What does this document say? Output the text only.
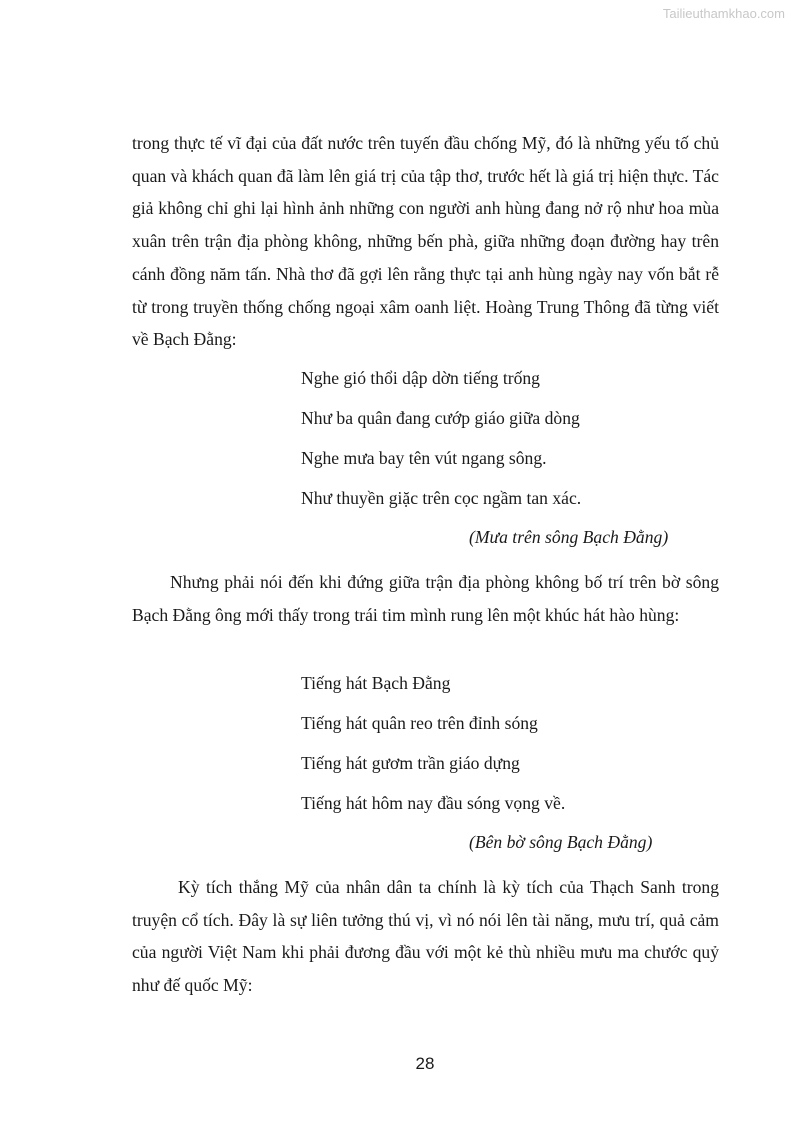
Tailieuthamkhao.com

trong thực tế vĩ đại của đất nước trên tuyến đầu chống Mỹ, đó là những yếu tố chủ quan và khách quan đã làm lên giá trị của tập thơ, trước hết là giá trị hiện thực. Tác giả không chỉ ghi lại hình ảnh những con người anh hùng đang nở rộ như hoa mùa xuân trên trận địa phòng không, những bến phà, giữa những đoạn đường hay trên cánh đồng năm tấn. Nhà thơ đã gợi lên rằng thực tại anh hùng ngày nay vốn bắt rễ từ trong truyền thống chống ngoại xâm oanh liệt. Hoàng Trung Thông đã từng viết về Bạch Đằng:

Nghe gió thổi dập dờn tiếng trống
Như ba quân đang cướp giáo giữa dòng
Nghe mưa bay tên vút ngang sông.
Như thuyền giặc trên cọc ngầm tan xác.
(Mưa trên sông Bạch Đằng)

Nhưng phải nói đến khi đứng giữa trận địa phòng không bố trí trên bờ sông Bạch Đằng ông mới thấy trong trái tim mình rung lên một khúc hát hào hùng:

Tiếng hát Bạch Đằng
Tiếng hát quân reo trên đỉnh sóng
Tiếng hát gươm trần giáo dựng
Tiếng hát hôm nay đầu sóng vọng về.
(Bên bờ sông Bạch Đằng)

Kỳ tích thắng Mỹ của nhân dân ta chính là kỳ tích của Thạch Sanh trong truyện cổ tích. Đây là sự liên tưởng thú vị, vì nó nói lên tài năng, mưu trí, quả cảm của người Việt Nam khi phải đương đầu với một kẻ thù nhiều mưu ma chước quỷ như đế quốc Mỹ:

28
